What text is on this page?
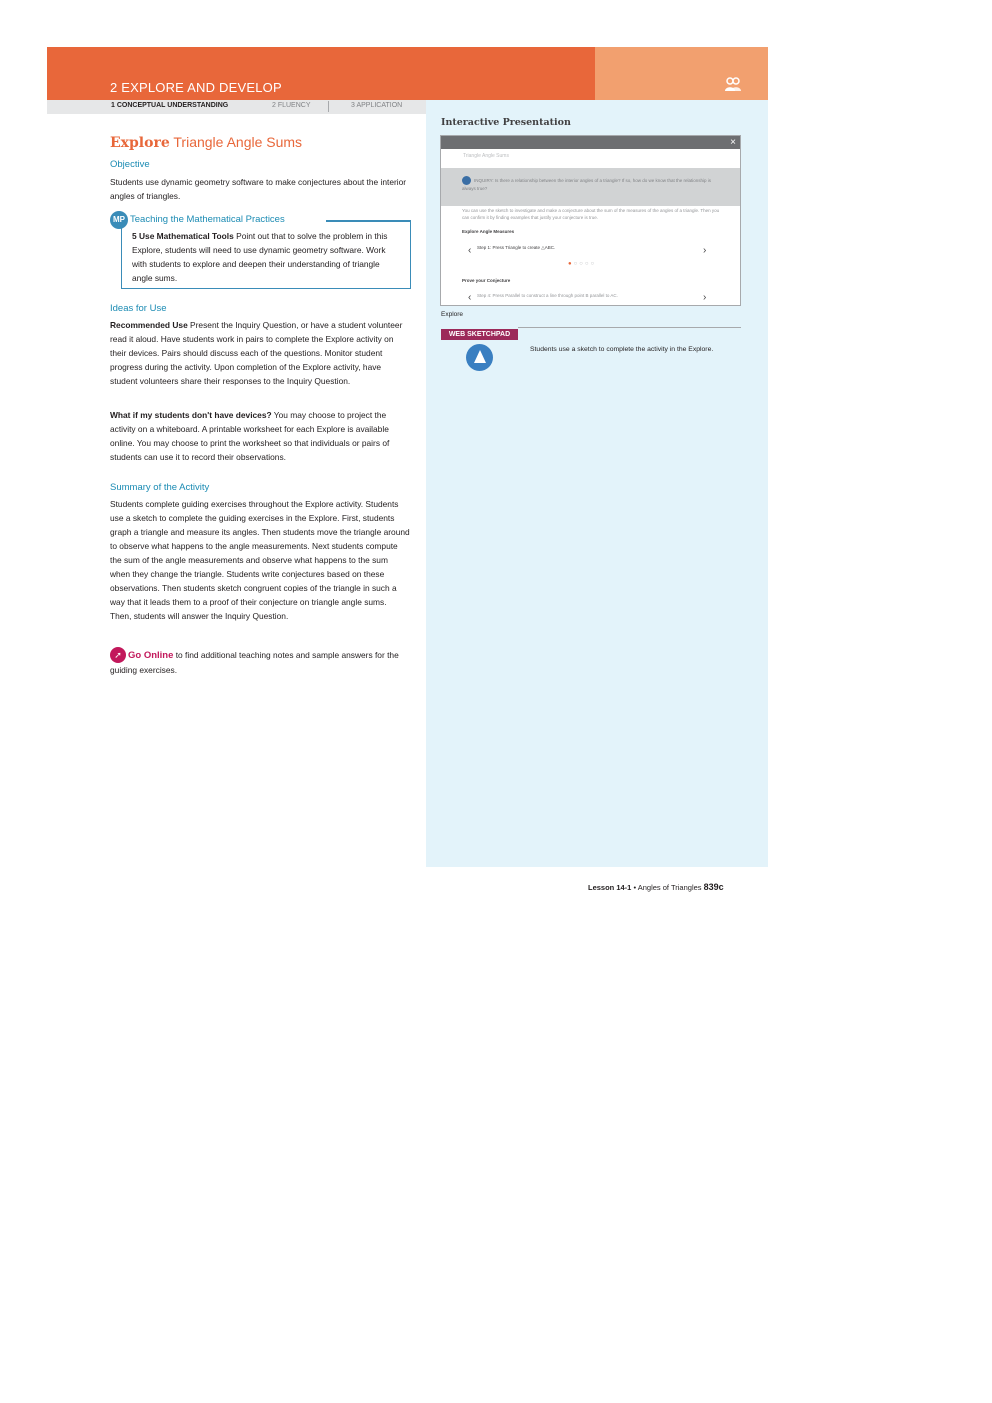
2 EXPLORE AND DEVELOP
1 CONCEPTUAL UNDERSTANDING	2 FLUENCY	3 APPLICATION
Explore Triangle Angle Sums
Objective
Students use dynamic geometry software to make conjectures about the interior angles of triangles.
MP Teaching the Mathematical Practices
5 Use Mathematical Tools Point out that to solve the problem in this Explore, students will need to use dynamic geometry software. Work with students to explore and deepen their understanding of triangle angle sums.
Ideas for Use
Recommended Use Present the Inquiry Question, or have a student volunteer read it aloud. Have students work in pairs to complete the Explore activity on their devices. Pairs should discuss each of the questions. Monitor student progress during the activity. Upon completion of the Explore activity, have student volunteers share their responses to the Inquiry Question.
What if my students don't have devices? You may choose to project the activity on a whiteboard. A printable worksheet for each Explore is available online. You may choose to print the worksheet so that individuals or pairs of students can use it to record their observations.
Summary of the Activity
Students complete guiding exercises throughout the Explore activity. Students use a sketch to complete the guiding exercises in the Explore. First, students graph a triangle and measure its angles. Then students move the triangle around to observe what happens to the angle measurements. Next students compute the sum of the angle measurements and observe what happens to the sum when they change the triangle. Students write conjectures based on these observations. Then students sketch congruent copies of the triangle in such a way that it leads them to a proof of their conjecture on triangle angle sums. Then, students will answer the Inquiry Question.
Go Online to find additional teaching notes and sample answers for the guiding exercises.
➚
Interactive Presentation
×
Triangle Angle Sums
INQUIRY: Is there a relationship between the interior angles of a triangle? If so, how do we know that the relationship is always true?
You can use the sketch to investigate and make a conjecture about the sum of the measures of the angles of a triangle. Then you can confirm it by finding examples that justify your conjecture is true.
Explore Angle Measures
‹ Step 1: Press Triangle to create △ABC.	›
●○○○○
Prove your Conjecture
‹ Step 4: Press Parallel to construct a line through point B parallel to AC.	›
Explore
WEB SKETCHPAD
Students use a sketch to complete the activity in the Explore.
Lesson 14-1 • Angles of Triangles 839c
